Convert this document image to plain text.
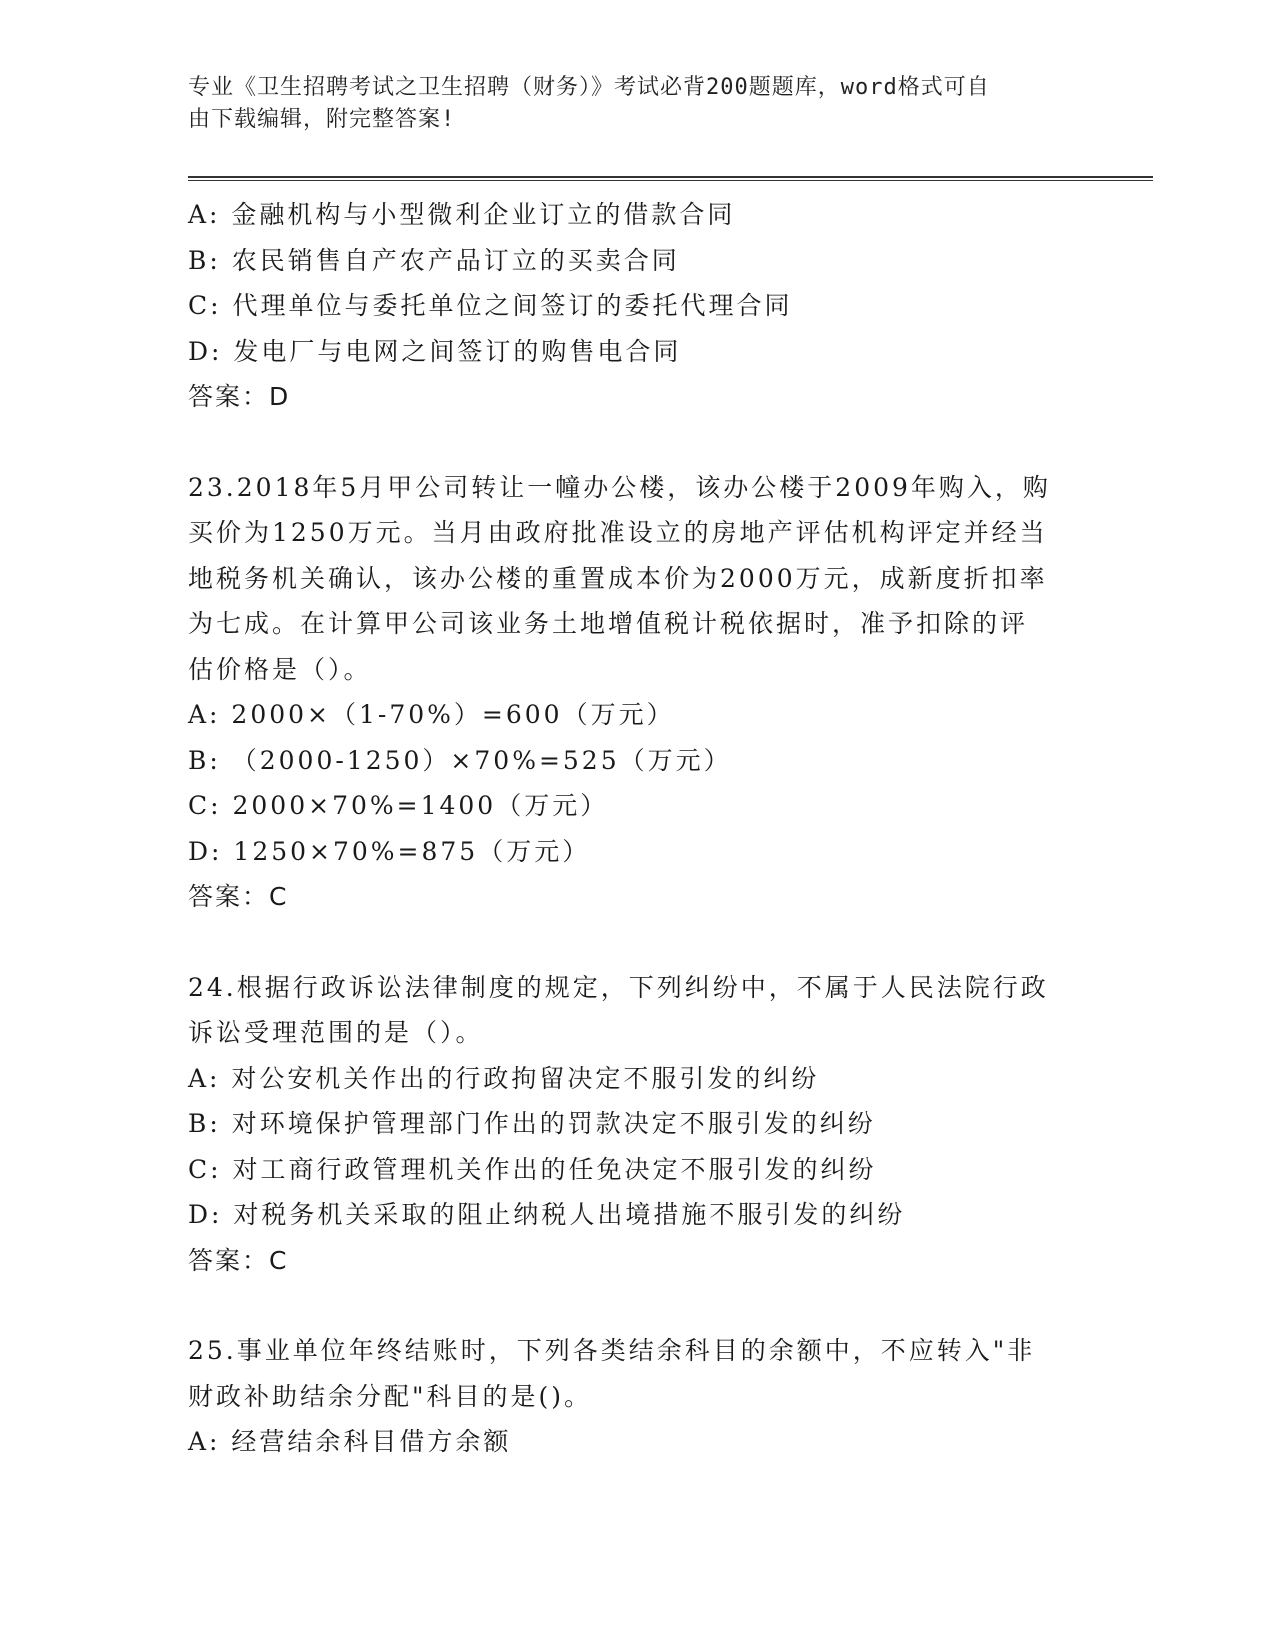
专业《卫生招聘考试之卫生招聘（财务）》考试必背200题题库，word格式可自
由下载编辑，附完整答案!

A: 金融机构与小型微利企业订立的借款合同

B: 农民销售自产农产品订立的买卖合同

C: 代理单位与委托单位之间签订的委托代理合同

D: 发电厂与电网之间签订的购售电合同

答案：D

23.2018年5月甲公司转让一幢办公楼，该办公楼于2009年购入，购

买价为1250万元。当月由政府批准设立的房地产评估机构评定并经当

地税务机关确认，该办公楼的重置成本价为2000万元，成新度折扣率

为七成。在计算甲公司该业务土地增值税计税依据时，准予扣除的评

估价格是（）。

A: 2000×（1-70%）=600（万元）

B: （2000-1250）×70%=525（万元）

C: 2000×70%=1400（万元）

D: 1250×70%=875（万元）

答案：C

24.根据行政诉讼法律制度的规定，下列纠纷中，不属于人民法院行政

诉讼受理范围的是（）。

A: 对公安机关作出的行政拘留决定不服引发的纠纷

B: 对环境保护管理部门作出的罚款决定不服引发的纠纷

C: 对工商行政管理机关作出的任免决定不服引发的纠纷

D: 对税务机关采取的阻止纳税人出境措施不服引发的纠纷

答案：C

25.事业单位年终结账时，下列各类结余科目的余额中，不应转入"非

财政补助结余分配"科目的是()。

A: 经营结余科目借方余额
